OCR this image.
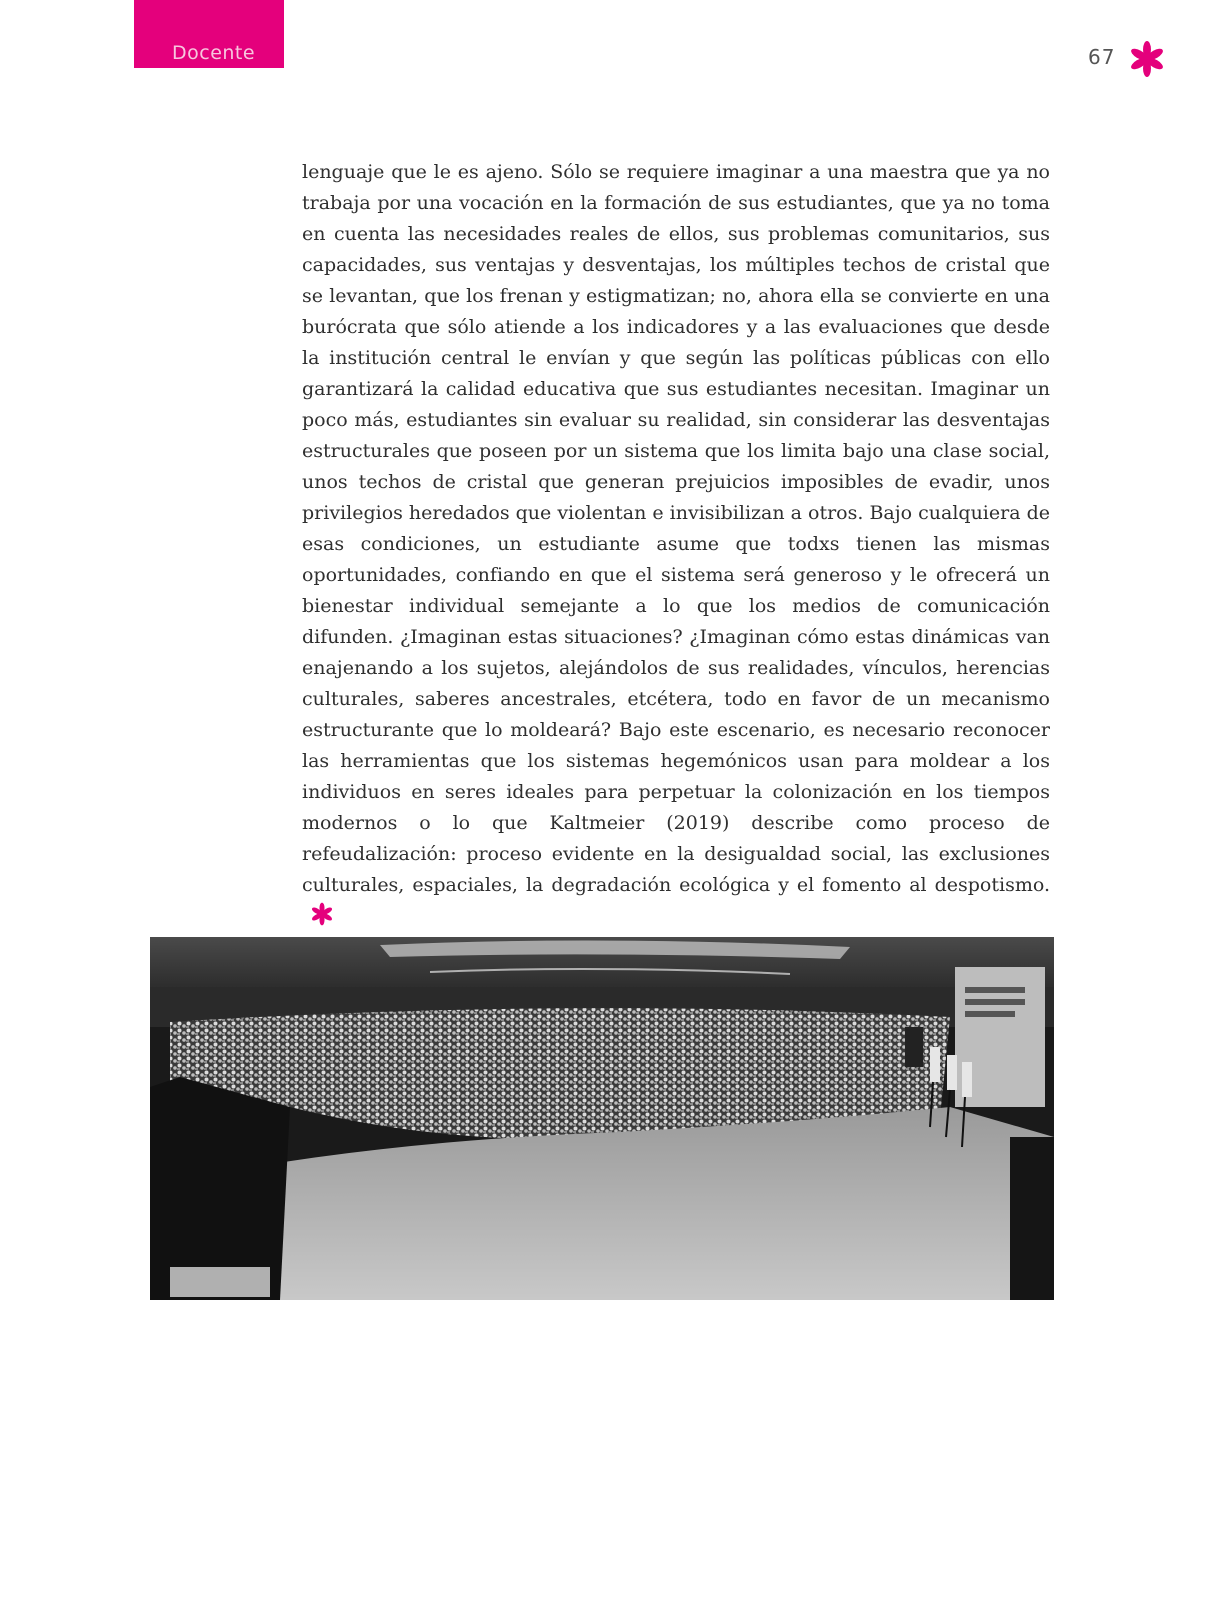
Docente	67

lenguaje que le es ajeno. Sólo se requiere imaginar a una maestra que ya no trabaja por una vocación en la formación de sus estudiantes, que ya no toma en cuenta las necesidades reales de ellos, sus problemas comunitarios, sus capacidades, sus ventajas y desventajas, los múltiples techos de cristal que se levantan, que los frenan y estigmatizan; no, ahora ella se convierte en una burócrata que sólo atiende a los indicadores y a las evaluaciones que desde la institución central le envían y que según las políticas públicas con ello garantizará la calidad educativa que sus estudiantes necesitan. Imaginar un poco más, estudiantes sin evaluar su realidad, sin considerar las desventajas estructurales que poseen por un sistema que los limita bajo una clase social, unos techos de cristal que generan prejuicios imposibles de evadir, unos privilegios heredados que violentan e invisibilizan a otros. Bajo cualquiera de esas condiciones, un estudiante asume que todxs tienen las mismas oportunidades, confiando en que el sistema será generoso y le ofrecerá un bienestar individual semejante a lo que los medios de comunicación difunden. ¿Imaginan estas situaciones? ¿Imaginan cómo estas dinámicas van enajenando a los sujetos, alejándolos de sus realidades, vínculos, herencias culturales, saberes ancestrales, etcétera, todo en favor de un mecanismo estructurante que lo moldeará? Bajo este escenario, es necesario reconocer las herramientas que los sistemas hegemónicos usan para moldear a los individuos en seres ideales para perpetuar la colonización en los tiempos modernos o lo que Kaltmeier (2019) describe como proceso de refeudalización: proceso evidente en la desigualdad social, las exclusiones culturales, espaciales, la degradación ecológica y el fomento al despotismo.
